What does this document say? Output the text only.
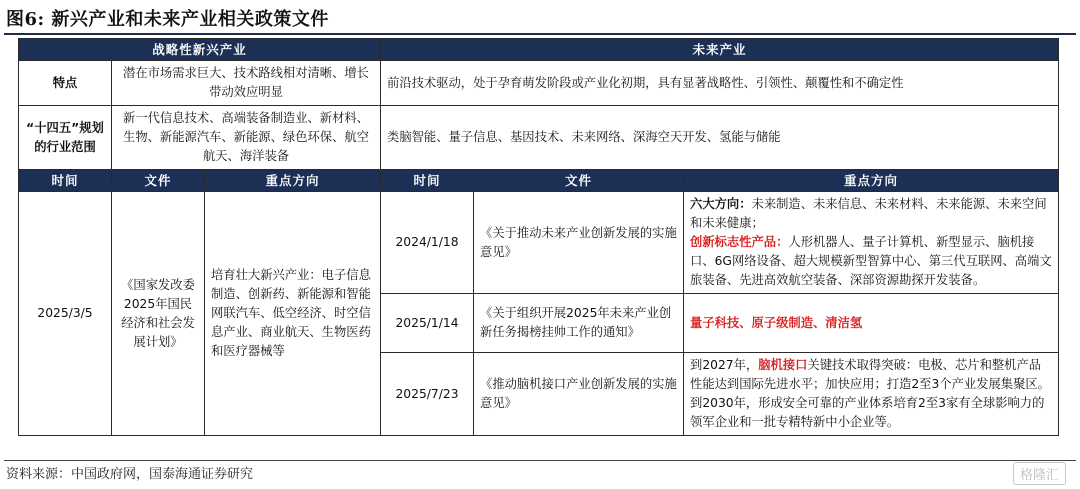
图6: 新兴产业和未来产业相关政策文件
战略性新兴产业			未来产业		
特点	潜在市场需求巨大、技术路线相对清晰、增长带动效应明显		前沿技术驱动，处于孕育萌发阶段或产业化初期，具有显著战略性、引领性、颠覆性和不确定性		
“十四五”规划的行业范围	新一代信息技术、高端装备制造业、新材料、生物、新能源汽车、新能源、绿色环保、航空航天、海洋装备		类脑智能、量子信息、基因技术、未来网络、深海空天开发、氢能与储能		
时间	文件	重点方向	时间	文件	重点方向
2025/3/5	《国家发改委2025年国民经济和社会发展计划》	培育壮大新兴产业：电子信息制造、创新药、新能源和智能网联汽车、低空经济、时空信息产业、商业航天、生物医药和医疗器械等	2024/1/18	《关于推动未来产业创新发展的实施意见》	六大方向：未来制造、未来信息、未来材料、未来能源、未来空间和未来健康；
创新标志性产品：人形机器人、量子计算机、新型显示、脑机接口、6G网络设备、超大规模新型智算中心、第三代互联网、高端文旅装备、先进高效航空装备、深部资源勘探开发装备。
			2025/1/14	《关于组织开展2025年未来产业创新任务揭榜挂帅工作的通知》	量子科技、原子级制造、清洁氢
			2025/7/23	《推动脑机接口产业创新发展的实施意见》	到2027年，脑机接口关键技术取得突破：电极、芯片和整机产品性能达到国际先进水平；加快应用；打造2至3个产业发展集聚区。
到2030年，形成安全可靠的产业体系培育2至3家有全球影响力的领军企业和一批专精特新中小企业等。
资料来源：中国政府网，国泰海通证券研究	格隆汇
